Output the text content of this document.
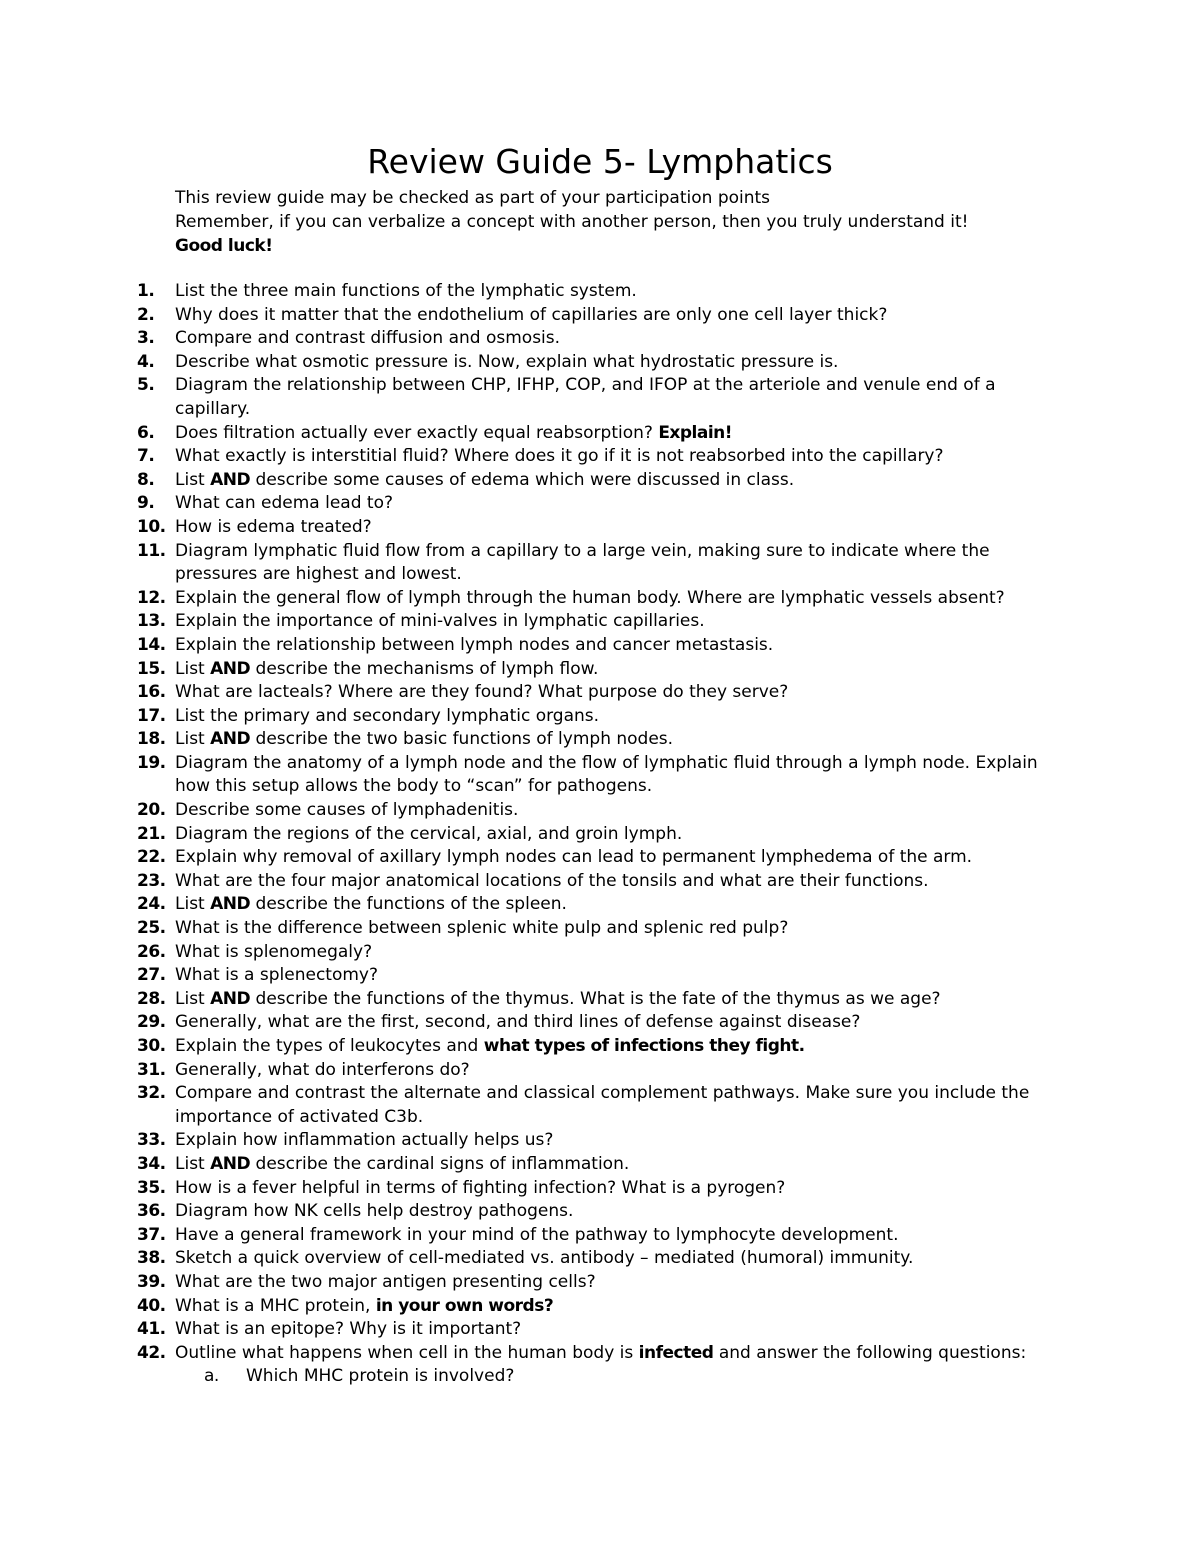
Review Guide 5- Lymphatics
This review guide may be checked as part of your participation points
Remember, if you can verbalize a concept with another person, then you truly understand it!
Good luck!
1.	List the three main functions of the lymphatic system.
2.	Why does it matter that the endothelium of capillaries are only one cell layer thick?
3.	Compare and contrast diffusion and osmosis.
4.	Describe what osmotic pressure is. Now, explain what hydrostatic pressure is.
5.	Diagram the relationship between CHP, IFHP, COP, and IFOP at the arteriole and venule end of a capillary.
6.	Does filtration actually ever exactly equal reabsorption? Explain!
7.	What exactly is interstitial fluid? Where does it go if it is not reabsorbed into the capillary?
8.	List AND describe some causes of edema which were discussed in class.
9.	What can edema lead to?
10. How is edema treated?
11. Diagram lymphatic fluid flow from a capillary to a large vein, making sure to indicate where the pressures are highest and lowest.
12. Explain the general flow of lymph through the human body. Where are lymphatic vessels absent?
13. Explain the importance of mini-valves in lymphatic capillaries.
14. Explain the relationship between lymph nodes and cancer metastasis.
15. List AND describe the mechanisms of lymph flow.
16. What are lacteals? Where are they found? What purpose do they serve?
17. List the primary and secondary lymphatic organs.
18. List AND describe the two basic functions of lymph nodes.
19. Diagram the anatomy of a lymph node and the flow of lymphatic fluid through a lymph node. Explain how this setup allows the body to “scan” for pathogens.
20. Describe some causes of lymphadenitis.
21. Diagram the regions of the cervical, axial, and groin lymph.
22. Explain why removal of axillary lymph nodes can lead to permanent lymphedema of the arm.
23. What are the four major anatomical locations of the tonsils and what are their functions.
24. List AND describe the functions of the spleen.
25. What is the difference between splenic white pulp and splenic red pulp?
26. What is splenomegaly?
27. What is a splenectomy?
28. List AND describe the functions of the thymus. What is the fate of the thymus as we age?
29. Generally, what are the first, second, and third lines of defense against disease?
30. Explain the types of leukocytes and what types of infections they fight.
31. Generally, what do interferons do?
32. Compare and contrast the alternate and classical complement pathways. Make sure you include the importance of activated C3b.
33. Explain how inflammation actually helps us?
34. List AND describe the cardinal signs of inflammation.
35. How is a fever helpful in terms of fighting infection? What is a pyrogen?
36. Diagram how NK cells help destroy pathogens.
37. Have a general framework in your mind of the pathway to lymphocyte development.
38. Sketch a quick overview of cell-mediated vs. antibody – mediated (humoral) immunity.
39. What are the two major antigen presenting cells?
40. What is a MHC protein, in your own words?
41. What is an epitope? Why is it important?
42. Outline what happens when cell in the human body is infected and answer the following questions:
a.	Which MHC protein is involved?
